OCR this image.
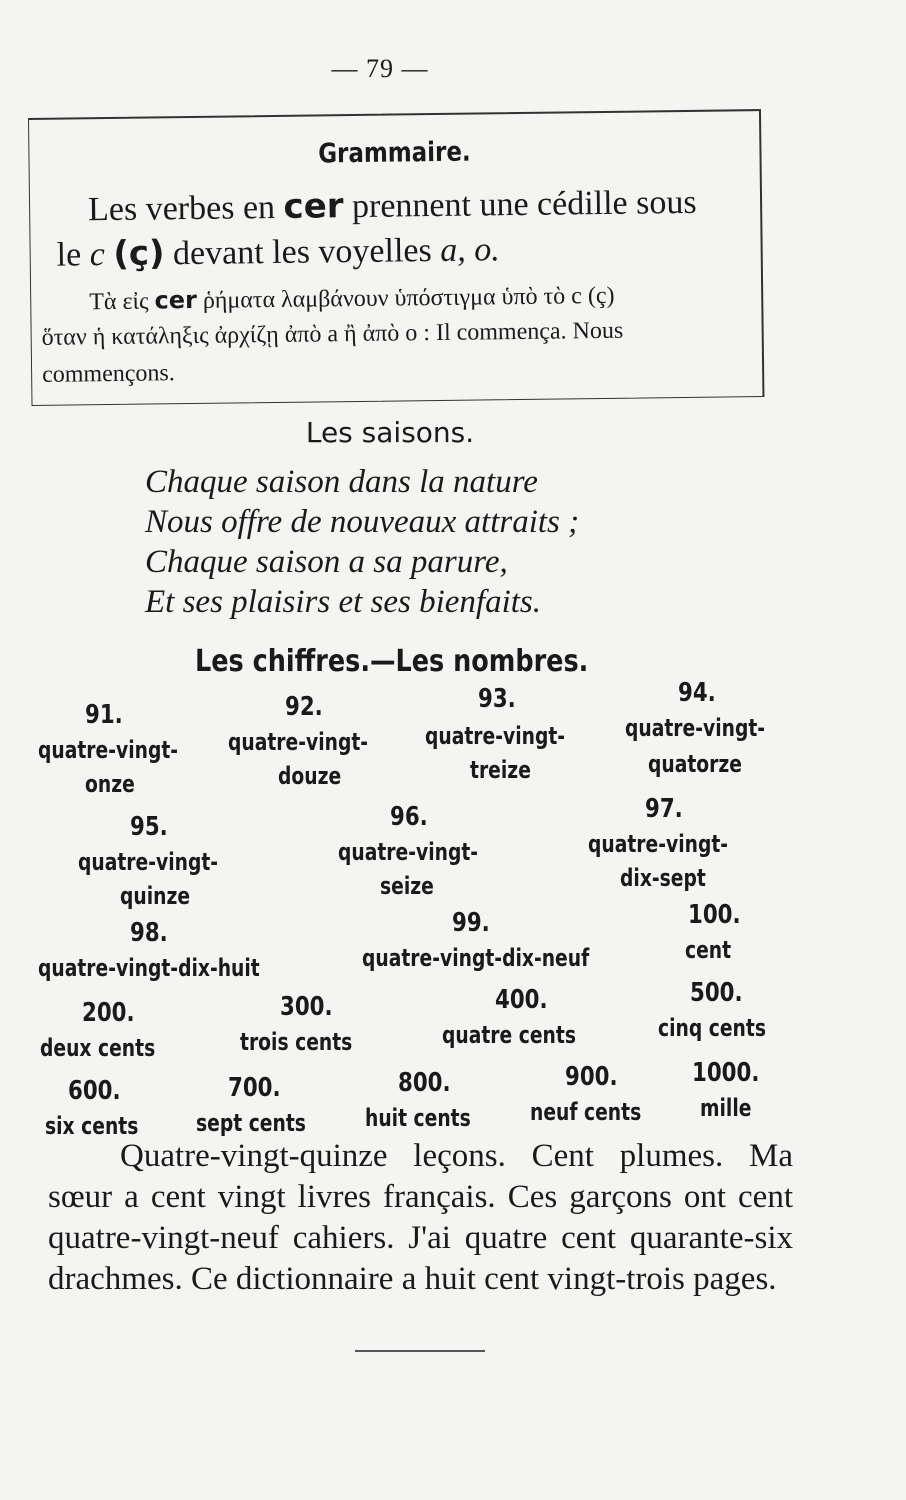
— 79 —
Grammaire.
Les verbes en cer prennent une cédille sous
le c (ç) devant les voyelles a, o.
Τὰ εἰς cer ῥήματα λαμβάνουν ὑπόστιγμα ὑπὸ τὸ c (ç)
ὅταν ἡ κατάληξις ἀρχίζῃ ἀπὸ a ἢ ἀπὸ o : Il commença. Nous
commençons.
Les saisons.
Chaque saison dans la nature
Nous offre de nouveaux attraits ;
Chaque saison a sa parure,
Et ses plaisirs et ses bienfaits.
Les chiffres.—Les nombres.
91.
quatre-vingt-
onze
92.
quatre-vingt-
douze
93.
quatre-vingt-
treize
94.
quatre-vingt-
quatorze
95.
quatre-vingt-
quinze
96.
quatre-vingt-
seize
97.
quatre-vingt-
dix-sept
98.
quatre-vingt-dix-huit
99.
quatre-vingt-dix-neuf
100.
cent
200.
deux cents
300.
trois cents
400.
quatre cents
500.
cinq cents
600.
six cents
700.
sept cents
800.
huit cents
900.
neuf cents
1000.
mille

Quatre-vingt-quinze leçons. Cent plumes. Ma sœur a cent vingt livres français. Ces garçons ont cent quatre-vingt-neuf cahiers. J'ai quatre cent quarante-six drachmes. Ce dictionnaire a huit cent vingt-trois pages.
